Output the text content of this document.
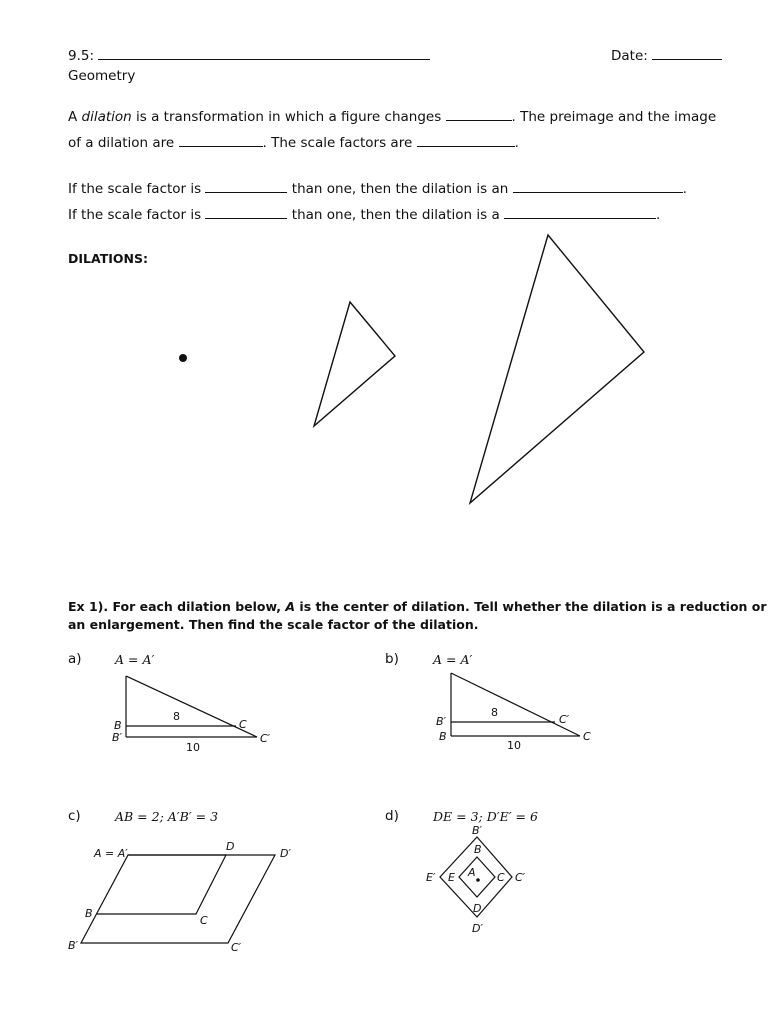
9.5:	Date:
Geometry
A dilation is a transformation in which a figure changes	. The preimage and the image
of a dilation are	. The scale factors are	.
If the scale factor is	than one, then the dilation is an	.
If the scale factor is	than one, then the dilation is a	.
DILATIONS:
Ex 1). For each dilation below, A is the center of dilation. Tell whether the dilation is a reduction or
an enlargement. Then find the scale factor of the dilation.
a)	A = A′
B
B′
C
C′
8
10
b)	A = A′
B′
B
C′
C
8
10
c)	AB = 2; A′B′ = 3
A = A′
D
D′
B
C
B′	C′
d)	DE = 3; D′E′ = 6
B′
B
E′ E A C C′
D
D′
